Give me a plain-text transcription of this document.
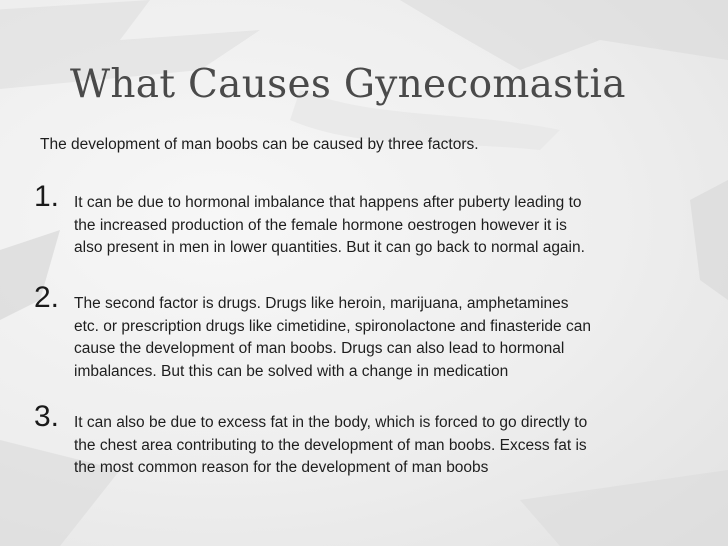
What Causes Gynecomastia

The development of man boobs can be caused by three factors.

1. It can be due to hormonal imbalance that happens after puberty leading to
the increased production of the female hormone oestrogen however it is
also present in men in lower quantities. But it can go back to normal again.
2. The second factor is drugs. Drugs like heroin, marijuana, amphetamines
etc. or prescription drugs like cimetidine, spironolactone and finasteride can
cause the development of man boobs. Drugs can also lead to hormonal
imbalances. But this can be solved with a change in medication
3. It can also be due to excess fat in the body, which is forced to go directly to
the chest area contributing to the development of man boobs. Excess fat is
the most common reason for the development of man boobs
